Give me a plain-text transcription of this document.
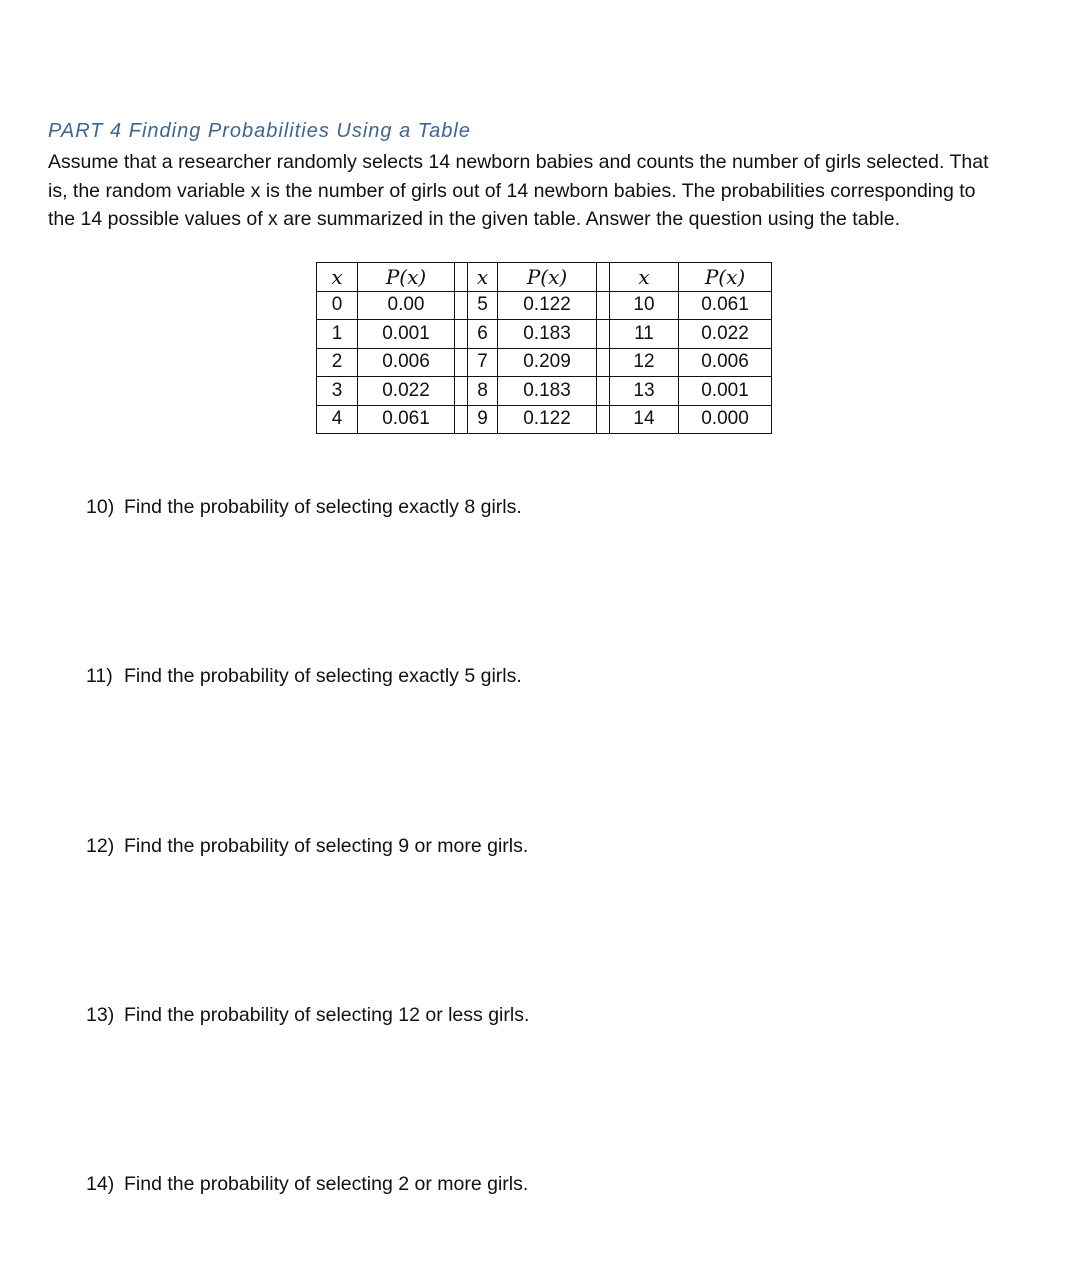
PART 4 Finding Probabilities Using a Table
Assume that a researcher randomly selects 14 newborn babies and counts the number of girls selected. That
is, the random variable x is the number of girls out of 14 newborn babies. The probabilities corresponding to
the 14 possible values of x are summarized in the given table. Answer the question using the table.
x	P(x)		x	P(x)		x	P(x)
0	0.00		5	0.122		10	0.061
1	0.001		6	0.183		11	0.022
2	0.006		7	0.209		12	0.006
3	0.022		8	0.183		13	0.001
4	0.061		9	0.122		14	0.000
10) Find the probability of selecting exactly 8 girls.
11) Find the probability of selecting exactly 5 girls.
12) Find the probability of selecting 9 or more girls.
13) Find the probability of selecting 12 or less girls.
14) Find the probability of selecting 2 or more girls.
